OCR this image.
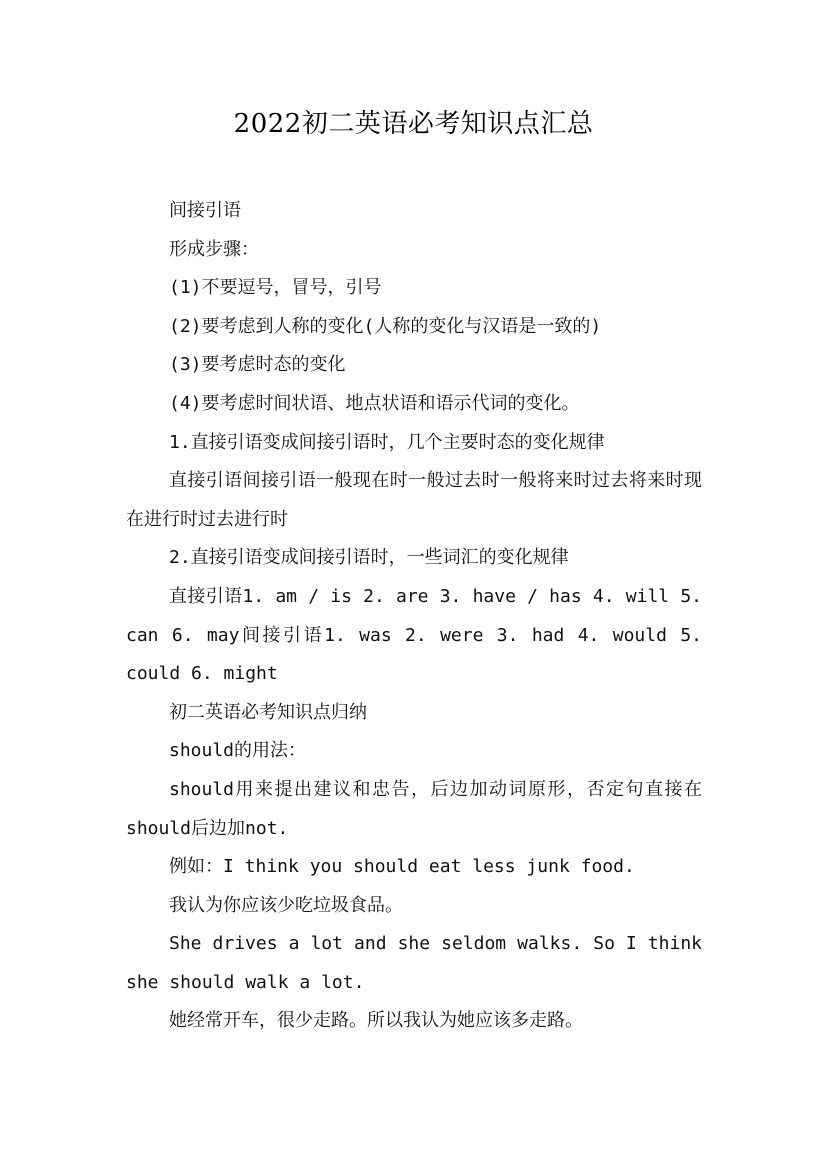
2022初二英语必考知识点汇总

间接引语

形成步骤：

(1)不要逗号，冒号，引号

(2)要考虑到人称的变化(人称的变化与汉语是一致的)

(3)要考虑时态的变化

(4)要考虑时间状语、地点状语和语示代词的变化。

1.直接引语变成间接引语时，几个主要时态的变化规律

直接引语间接引语一般现在时一般过去时一般将来时过去将来时现在进行时过去进行时

2.直接引语变成间接引语时，一些词汇的变化规律

直接引语1. am / is 2. are 3. have / has 4. will 5. can 6. may间接引语1. was 2. were 3. had 4. would 5. could 6. might

初二英语必考知识点归纳

should的用法：

should用来提出建议和忠告，后边加动词原形，否定句直接在should后边加not.

例如：I think you should eat less junk food.

我认为你应该少吃垃圾食品。

She drives a lot and she seldom walks. So I think she should walk a lot.

她经常开车，很少走路。所以我认为她应该多走路。
